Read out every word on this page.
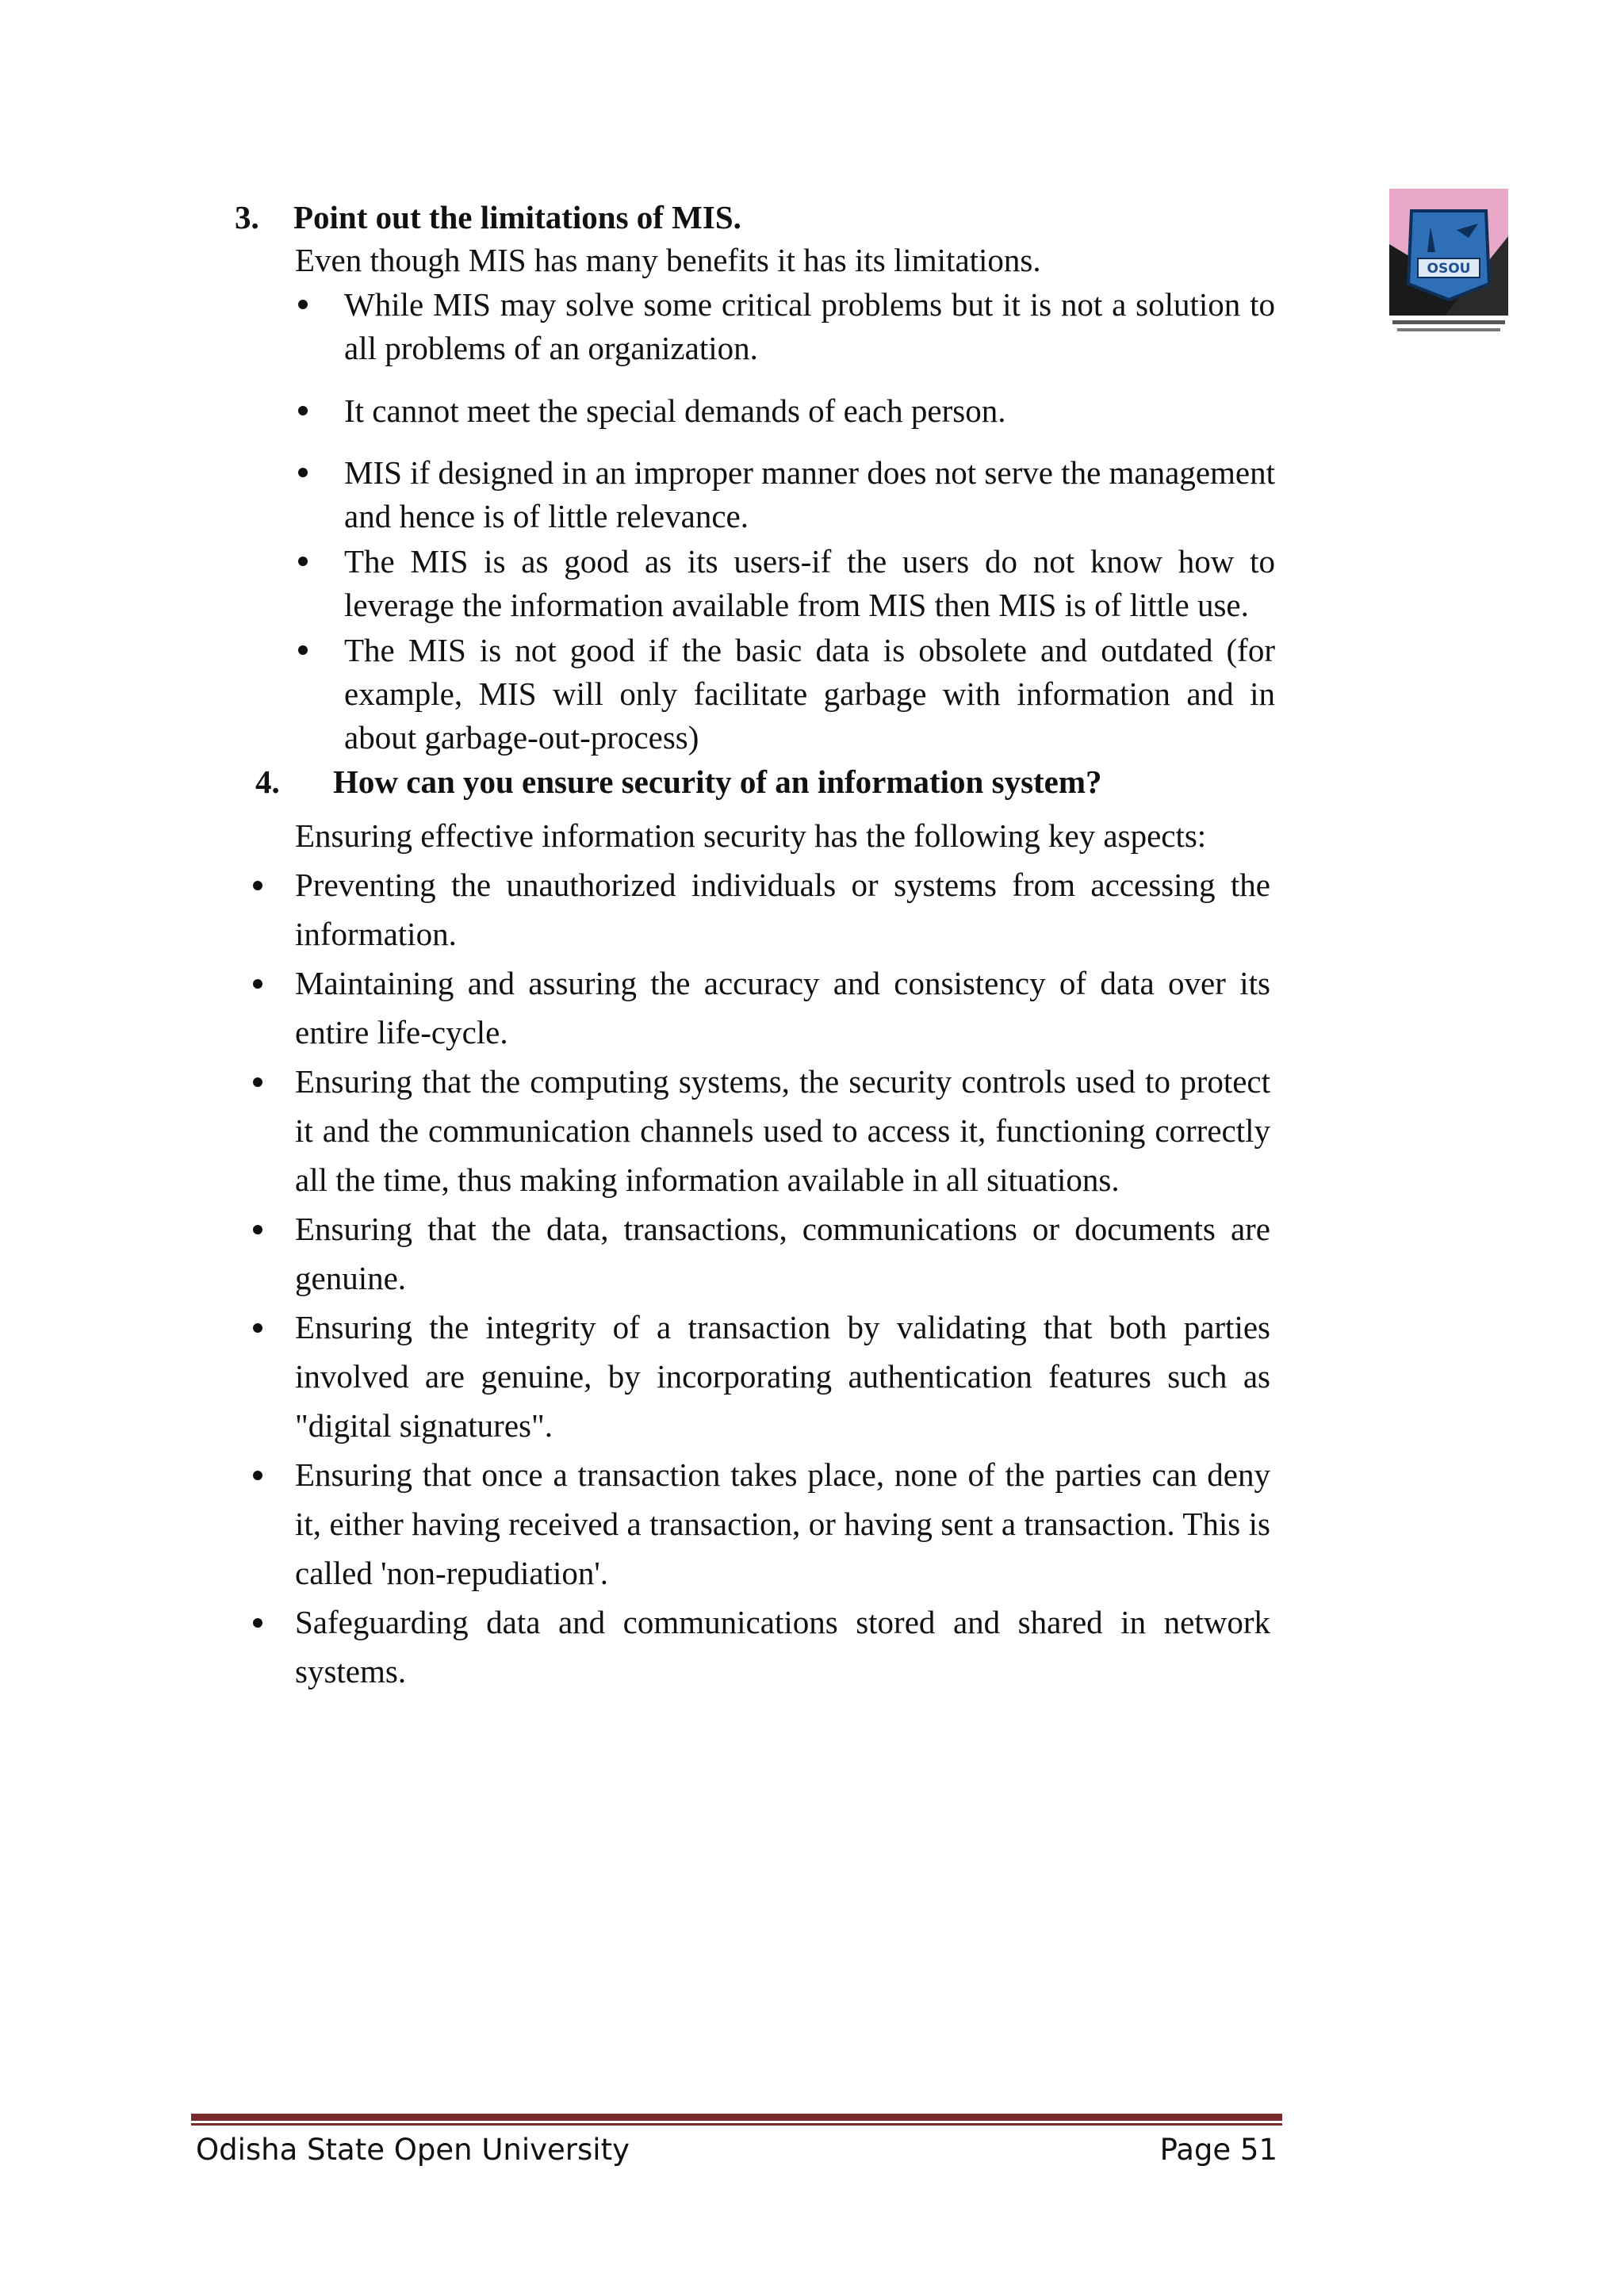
OSOU
3. Point out the limitations of MIS.
Even though MIS has many benefits it has its limitations.
While MIS may solve some critical problems but it is not a solution to all problems of an organization.
It cannot meet the special demands of each person.
MIS if designed in an improper manner does not serve the management and hence is of little relevance.
The MIS is as good as its users-if the users do not know how to leverage the information available from MIS then MIS is of little use.
The MIS is not good if the basic data is obsolete and outdated (for example, MIS will only facilitate garbage with information and in about garbage-out-process)
4. How can you ensure security of an information system?
Ensuring effective information security has the following key aspects:
Preventing the unauthorized individuals or systems from accessing the information.
Maintaining and assuring the accuracy and consistency of data over its entire life-cycle.
Ensuring that the computing systems, the security controls used to protect it and the communication channels used to access it, functioning correctly all the time, thus making information available in all situations.
Ensuring that the data, transactions, communications or documents are genuine.
Ensuring the integrity of a transaction by validating that both parties involved are genuine, by incorporating authentication features such as "digital signatures".
Ensuring that once a transaction takes place, none of the parties can deny it, either having received a transaction, or having sent a transaction. This is called 'non-repudiation'.
Safeguarding data and communications stored and shared in network systems.
Odisha State Open University	Page 51
